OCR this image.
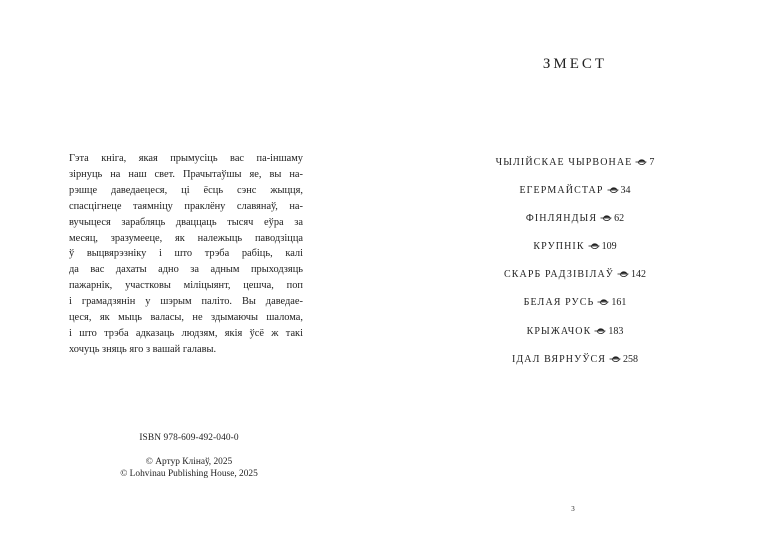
Гэта кніга, якая прымусіць вас па-іншаму
зірнуць на наш свет. Прачытаўшы яе, вы на-
рэшце даведаецеся, ці ёсць сэнс жыцця,
спасцігнеце таямніцу праклёну славянаў, на-
вучыцеся зарабляць дваццаць тысяч еўра за
месяц, зразумееце, як належыць паводзіцца
ў выцвярэзніку і што трэба рабіць, калі
да вас дахаты адно за адным прыходзяць
пажарнік, участковы міліцыянт, цешча, поп
і грамадзянін у шэрым паліто. Вы даведае-
цеся, як мыць валасы, не здымаючы шалома,
і што трэба адказаць людзям, якія ўсё ж такі
хочуць зняць яго з вашай галавы.

ISBN 978-609-492-040-0

© Артур Клінаў, 2025

© Lohvinau Publishing House, 2025

ЗМЕСТ
ЧЫЛІЙСКАЕ ЧЫРВОНАЕ 7
ЕГЕРМАЙСТАР 34
ФІНЛЯНДЫЯ 62
КРУПНІК 109
СКАРБ РАДЗІВІЛАЎ 142
БЕЛАЯ РУСЬ 161
КРЫЖАЧОК 183
ІДАЛ ВЯРНУЎСЯ 258

3
